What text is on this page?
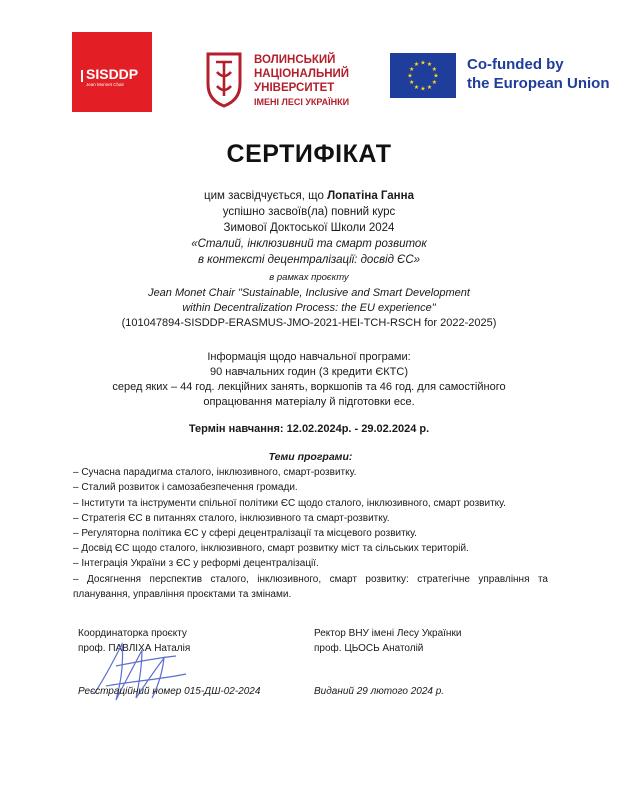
SISDDP
Jean Monnet Chair
ВОЛИНСЬКИЙ
НАЦІОНАЛЬНИЙ
УНІВЕРСИТЕТ
ІМЕНІ ЛЕСІ УКРАЇНКИ
★ ★
★
★
★
★
★
★
★
★
★
★	Co-funded by
the European Union
СЕРТИФІКАТ
цим засвідчується, що Лопатіна Ганна
успішно засвоїв(ла) повний курс
Зимової Доктоської Школи 2024
«Сталий, інклюзивний та смарт розвиток
в контексті децентралізації: досвід ЄС»
в рамках проєкту
Jean Monet Chair "Sustainable, Inclusive and Smart Development
within Decentralization Process: the EU experience"
(101047894-SISDDP-ERASMUS-JMO-2021-HEI-TCH-RSCH for 2022-2025)
Інформація щодо навчальної програми:
90 навчальних годин (3 кредити ЄКТС)
серед яких – 44 год. лекційних занять, воркшопів та 46 год. для самостійного
опрацювання матеріалу й підготовки есе.
Термін навчання: 12.02.2024р. - 29.02.2024 р.
Теми програми:
– Сучасна парадигма сталого, інклюзивного, смарт-розвитку.
– Сталий розвиток і самозабезпечення громади.
– Інститути та інструменти спільної політики ЄС щодо сталого, інклюзивного, смарт розвитку.
– Стратегія ЄС в питаннях сталого, інклюзивного та смарт-розвитку.
– Регуляторна політика ЄС у сфері децентралізації та місцевого розвитку.
– Досвід ЄС щодо сталого, інклюзивного, смарт розвитку міст та сільських територій.
– Інтеграція України з ЄС у реформі децентралізації.
– Досягнення перспектив сталого, інклюзивного, смарт розвитку: стратегічне управління та планування, управління проєктами та змінами.
Координаторка проєкту
проф. ПАВЛІХА Наталія
Ректор ВНУ імені Лесу Українки
проф. ЦЬОСЬ Анатолій
Реєстраційний номер 015-ДШ-02-2024	Виданий 29 лютого 2024 р.
